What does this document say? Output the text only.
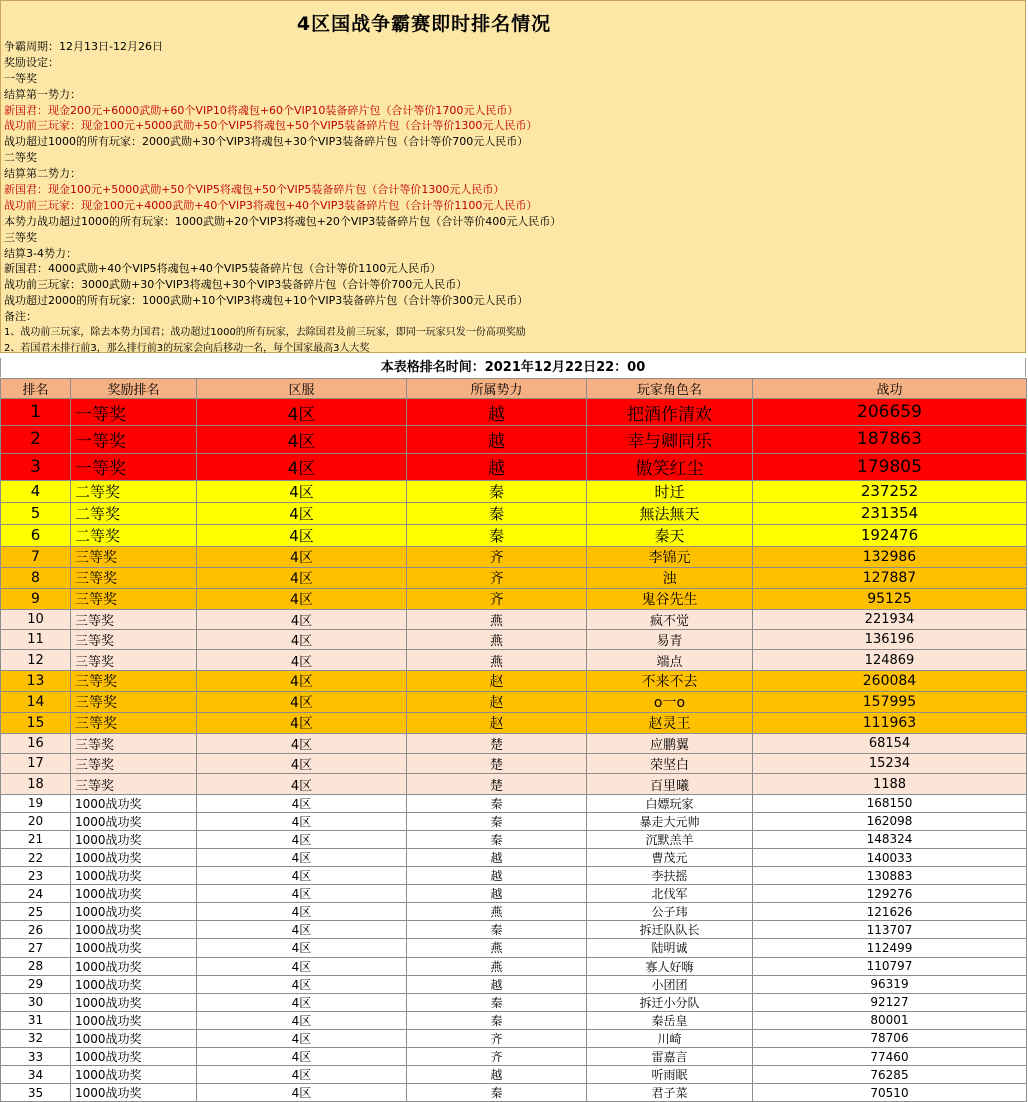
4区国战争霸赛即时排名情况
争霸周期：12月13日-12月26日
奖励设定：
一等奖
结算第一势力：
新国君：现金200元+6000武勋+60个VIP10将魂包+60个VIP10装备碎片包（合计等价1700元人民币）
战功前三玩家：现金100元+5000武勋+50个VIP5将魂包+50个VIP5装备碎片包（合计等价1300元人民币）
战功超过1000的所有玩家：2000武勋+30个VIP3将魂包+30个VIP3装备碎片包（合计等价700元人民币）
二等奖
结算第二势力：
新国君：现金100元+5000武勋+50个VIP5将魂包+50个VIP5装备碎片包（合计等价1300元人民币）
战功前三玩家：现金100元+4000武勋+40个VIP3将魂包+40个VIP3装备碎片包（合计等价1100元人民币）
本势力战功超过1000的所有玩家：1000武勋+20个VIP3将魂包+20个VIP3装备碎片包（合计等价400元人民币）
三等奖
结算3-4势力：
新国君：4000武勋+40个VIP5将魂包+40个VIP5装备碎片包（合计等价1100元人民币）
战功前三玩家：3000武勋+30个VIP3将魂包+30个VIP3装备碎片包（合计等价700元人民币）
战功超过2000的所有玩家：1000武勋+10个VIP3将魂包+10个VIP3装备碎片包（合计等价300元人民币）
备注：
1、战功前三玩家，除去本势力国君；战功超过1000的所有玩家，去除国君及前三玩家，即同一玩家只发一份高项奖励
2、若国君未排行前3，那么排行前3的玩家会向后移动一名，每个国家最高3人大奖
本表格排名时间：2021年12月22日22：00
排名	奖励排名	区服	所属势力	玩家角色名	战功
1	一等奖	4区	越	把酒作清欢	206659
2	一等奖	4区	越	幸与卿同乐	187863
3	一等奖	4区	越	傲笑红尘	179805
4	二等奖	4区	秦	时迁	237252
5	二等奖	4区	秦	無法無天	231354
6	二等奖	4区	秦	秦天	192476
7	三等奖	4区	齐	李锦元	132986
8	三等奖	4区	齐	浊	127887
9	三等奖	4区	齐	鬼谷先生	95125
10	三等奖	4区	燕	疯不觉	221934
11	三等奖	4区	燕	易青	136196
12	三等奖	4区	燕	端点	124869
13	三等奖	4区	赵	不来不去	260084
14	三等奖	4区	赵	o一o	157995
15	三等奖	4区	赵	赵灵王	111963
16	三等奖	4区	楚	应鹏翼	68154
17	三等奖	4区	楚	荣坚白	15234
18	三等奖	4区	楚	百里曦	1188
19	1000战功奖	4区	秦	白嫖玩家	168150
20	1000战功奖	4区	秦	暴走大元帅	162098
21	1000战功奖	4区	秦	沉默羔羊	148324
22	1000战功奖	4区	越	曹茂元	140033
23	1000战功奖	4区	越	李扶摇	130883
24	1000战功奖	4区	越	北伐军	129276
25	1000战功奖	4区	燕	公子玮	121626
26	1000战功奖	4区	秦	拆迁队队长	113707
27	1000战功奖	4区	燕	陆明诚	112499
28	1000战功奖	4区	燕	寡人好嗨	110797
29	1000战功奖	4区	越	小团团	96319
30	1000战功奖	4区	秦	拆迁小分队	92127
31	1000战功奖	4区	秦	秦岳皇	80001
32	1000战功奖	4区	齐	川崎	78706
33	1000战功奖	4区	齐	雷嘉言	77460
34	1000战功奖	4区	越	听雨眠	76285
35	1000战功奖	4区	秦	君子菜	70510
